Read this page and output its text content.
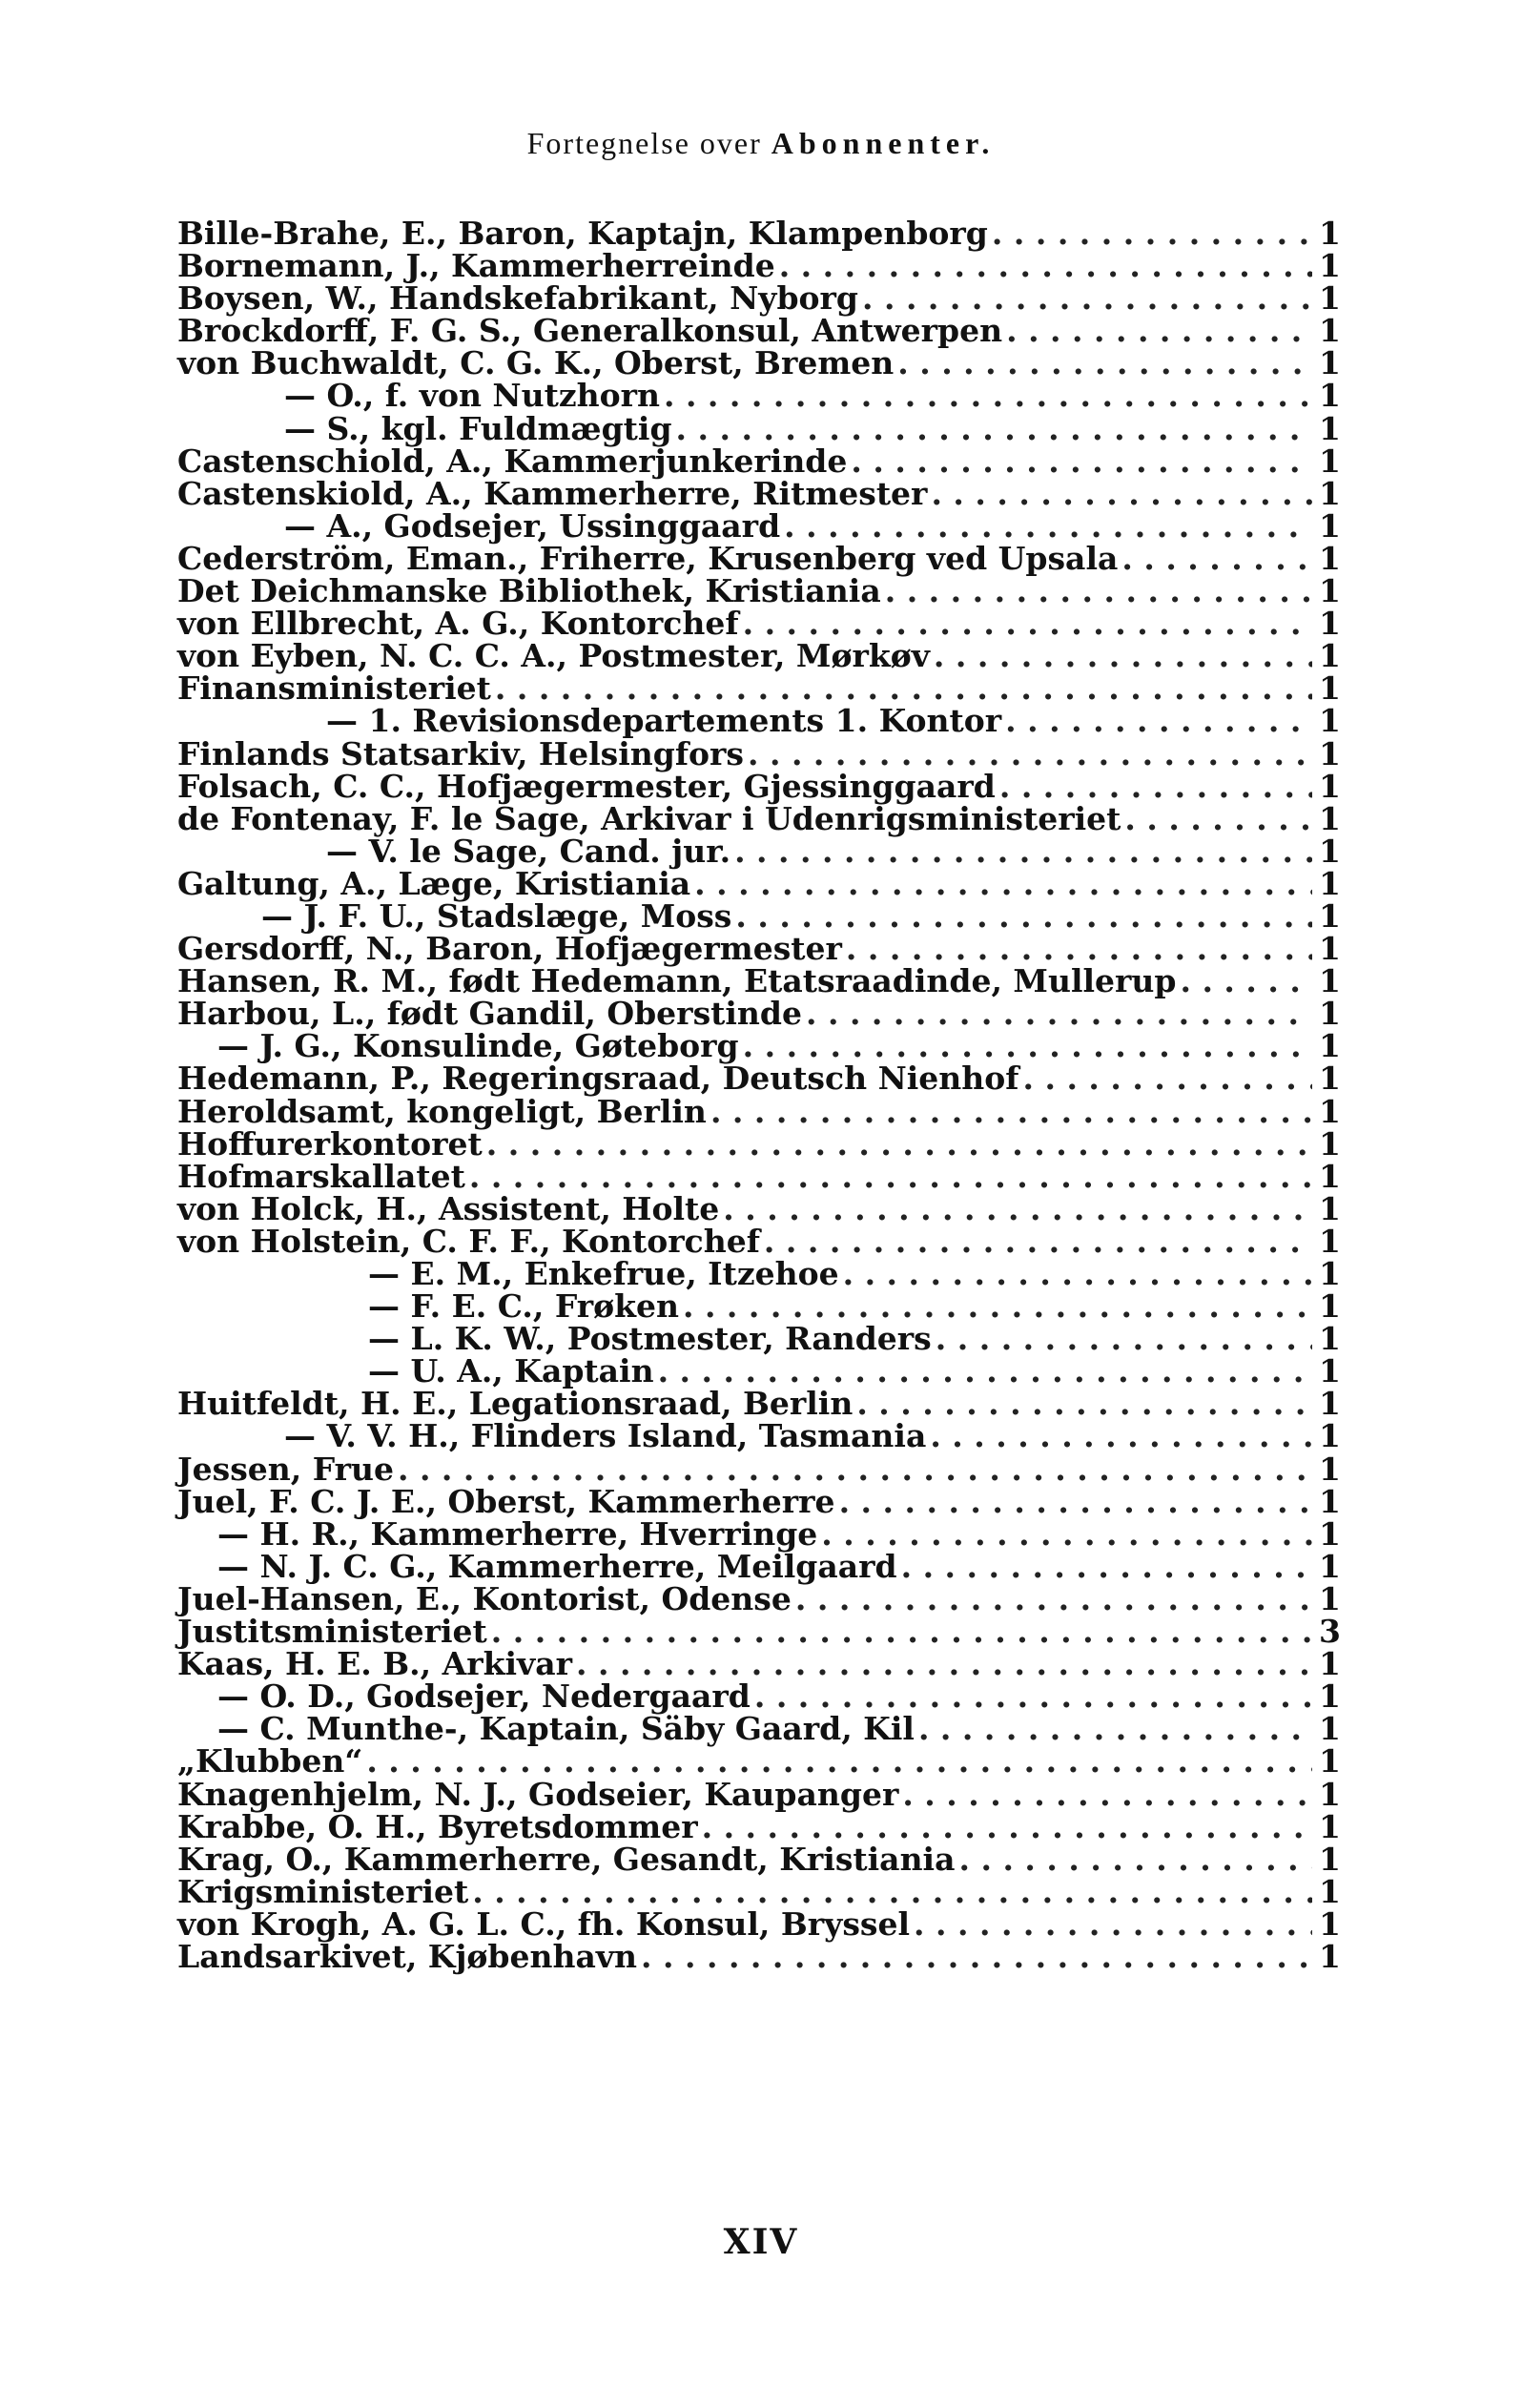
Fortegnelse over Abonnenter.
Bille-Brahe, E., Baron, Kaptajn, Klampenborg . . .	1
Bornemann, J., Kammerherreinde . . .	1
Boysen, W., Handskefabrikant, Nyborg . . .	1
Brockdorff, F. G. S., Generalkonsul, Antwerpen . . .	1
von Buchwaldt, C. G. K., Oberst, Bremen . . .	1
— O., f. von Nutzhorn . . .	1
— S., kgl. Fuldmægtig . . .	1
Castenschiold, A., Kammerjunkerinde . . .	1
Castenskiold, A., Kammerherre, Ritmester . . .	1
— A., Godsejer, Ussinggaard . . .	1
Cederström, Eman., Friherre, Krusenberg ved Upsala . . .	1
Det Deichmanske Bibliothek, Kristiania . . .	1
von Ellbrecht, A. G., Kontorchef . . .	1
von Eyben, N. C. C. A., Postmester, Mørkøv . . .	1
Finansministeriet . . .	1
— 1. Revisionsdepartements 1. Kontor . . .	1
Finlands Statsarkiv, Helsingfors . . .	1
Folsach, C. C., Hofjægermester, Gjessinggaard . . .	1
de Fontenay, F. le Sage, Arkivar i Udenrigsministeriet . . .	1
— V. le Sage, Cand. jur. . . .	1
Galtung, A., Læge, Kristiania . . .	1
— J. F. U., Stadslæge, Moss . . .	1
Gersdorff, N., Baron, Hofjægermester . . .	1
Hansen, R. M., født Hedemann, Etatsraadinde, Mullerup . . .	1
Harbou, L., født Gandil, Oberstinde . . .	1
— J. G., Konsulinde, Gøteborg . . .	1
Hedemann, P., Regeringsraad, Deutsch Nienhof . . .	1
Heroldsamt, kongeligt, Berlin . . .	1
Hoffurerkontoret . . .	1
Hofmarskallatet . . .	1
von Holck, H., Assistent, Holte . . .	1
von Holstein, C. F. F., Kontorchef . . .	1
— E. M., Enkefrue, Itzehoe . . .	1
— F. E. C., Frøken . . .	1
— L. K. W., Postmester, Randers . . .	1
— U. A., Kaptain . . .	1
Huitfeldt, H. E., Legationsraad, Berlin . . .	1
— V. V. H., Flinders Island, Tasmania . . .	1
Jessen, Frue . . .	1
Juel, F. C. J. E., Oberst, Kammerherre . . .	1
— H. R., Kammerherre, Hverringe . . .	1
— N. J. C. G., Kammerherre, Meilgaard . . .	1
Juel-Hansen, E., Kontorist, Odense . . .	1
Justitsministeriet . . .	3
Kaas, H. E. B., Arkivar . . .	1
— O. D., Godsejer, Nedergaard . . .	1
— C. Munthe-, Kaptain, Säby Gaard, Kil . . .	1
„Klubben“ . . .	1
Knagenhjelm, N. J., Godseier, Kaupanger . . .	1
Krabbe, O. H., Byretsdommer . . .	1
Krag, O., Kammerherre, Gesandt, Kristiania . . .	1
Krigsministeriet . . .	1
von Krogh, A. G. L. C., fh. Konsul, Bryssel . . .	1
Landsarkivet, Kjøbenhavn . . .	1
XIV
